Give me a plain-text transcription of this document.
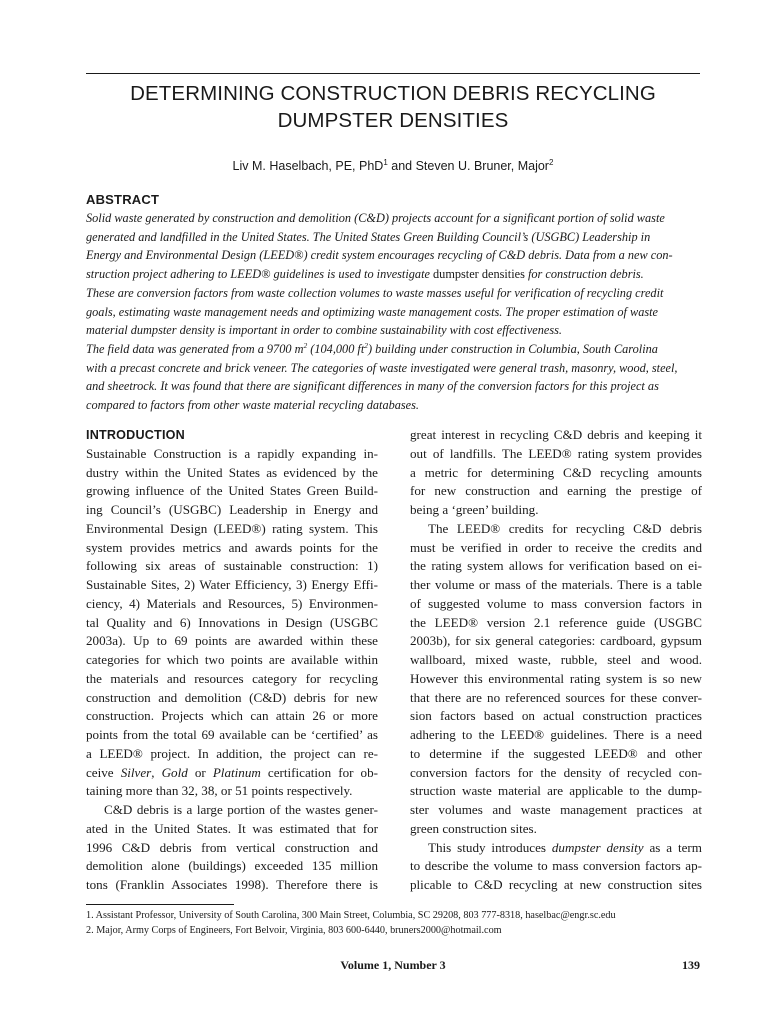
DETERMINING CONSTRUCTION DEBRIS RECYCLING
DUMPSTER DENSITIES
Liv M. Haselbach, PE, PhD$^1$ and Steven U. Bruner, Major$^2$
ABSTRACT
Solid waste generated by construction and demolition (C&D) projects account for a significant portion of solid waste
generated and landfilled in the United States. The United States Green Building Council’s (USGBC) Leadership in
Energy and Environmental Design (LEED®) credit system encourages recycling of C&D debris. Data from a new con-
struction project adhering to LEED® guidelines is used to investigate dumpster densities for construction debris.
These are conversion factors from waste collection volumes to waste masses useful for verification of recycling credit
goals, estimating waste management needs and optimizing waste management costs. The proper estimation of waste
material dumpster density is important in order to combine sustainability with cost effectiveness.
The field data was generated from a 9700 $m^2$ (104,000 $ft^2$) building under construction in Columbia, South Carolina
with a precast concrete and brick veneer. The categories of waste investigated were general trash, masonry, wood, steel,
and sheetrock. It was found that there are significant differences in many of the conversion factors for this project as
compared to factors from other waste material recycling databases.
INTRODUCTION
Sustainable Construction is a rapidly expanding in-
dustry within the United States as evidenced by the
growing influence of the United States Green Build-
ing Council’s (USGBC) Leadership in Energy and
Environmental Design (LEED®) rating system. This
system provides metrics and awards points for the
following six areas of sustainable construction: 1)
Sustainable Sites, 2) Water Efficiency, 3) Energy Effi-
ciency, 4) Materials and Resources, 5) Environmen-
tal Quality and 6) Innovations in Design (USGBC
2003a). Up to 69 points are awarded within these
categories for which two points are available within
the materials and resources category for recycling
construction and demolition (C&D) debris for new
construction. Projects which can attain 26 or more
points from the total 69 available can be ‘certified’ as
a LEED® project. In addition, the project can re-
ceive Silver, Gold or Platinum certification for ob-
taining more than 32, 38, or 51 points respectively.
C&D debris is a large portion of the wastes gener-
ated in the United States. It was estimated that for
1996 C&D debris from vertical construction and
demolition alone (buildings) exceeded 135 million
tons (Franklin Associates 1998). Therefore there is
great interest in recycling C&D debris and keeping it
out of landfills. The LEED® rating system provides
a metric for determining C&D recycling amounts
for new construction and earning the prestige of
being a ‘green’ building.
The LEED® credits for recycling C&D debris
must be verified in order to receive the credits and
the rating system allows for verification based on ei-
ther volume or mass of the materials. There is a table
of suggested volume to mass conversion factors in
the LEED® version 2.1 reference guide (USGBC
2003b), for six general categories: cardboard, gypsum
wallboard, mixed waste, rubble, steel and wood.
However this environmental rating system is so new
that there are no referenced sources for these conver-
sion factors based on actual construction practices
adhering to the LEED® guidelines. There is a need
to determine if the suggested LEED® and other
conversion factors for the density of recycled con-
struction waste material are applicable to the dump-
ster volumes and waste management practices at
green construction sites.
This study introduces dumpster density as a term
to describe the volume to mass conversion factors ap-
plicable to C&D recycling at new construction sites
1. Assistant Professor, University of South Carolina, 300 Main Street, Columbia, SC 29208, 803 777-8318, haselbac@engr.sc.edu
2. Major, Army Corps of Engineers, Fort Belvoir, Virginia, 803 600-6440, bruners2000@hotmail.com
Volume 1, Number 3	139
